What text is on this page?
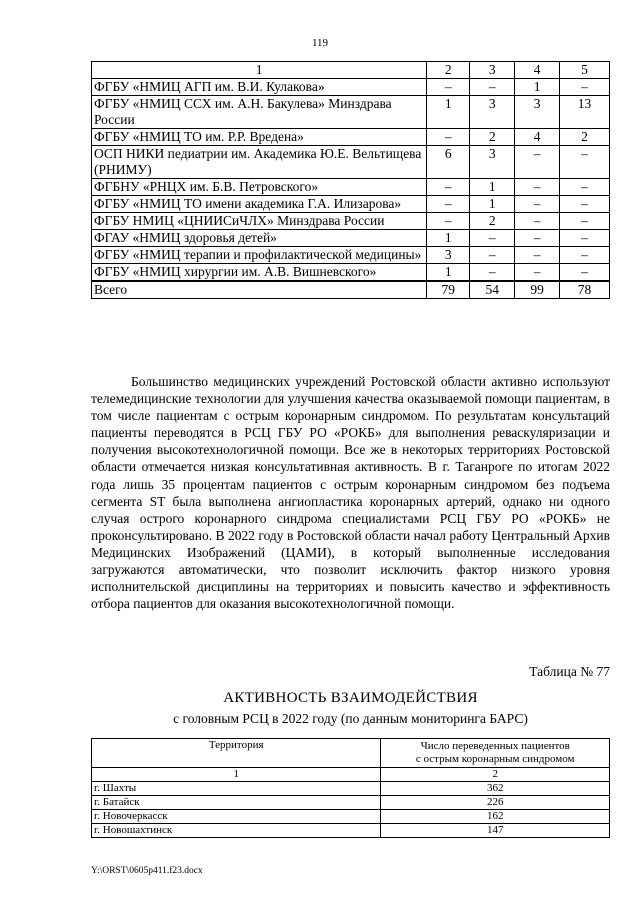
119
1	2	3	4	5
ФГБУ «НМИЦ АГП им. В.И. Кулакова»	–	–	1	–
ФГБУ «НМИЦ ССХ им. А.Н. Бакулева» Минздрава России	1	3	3	13
ФГБУ «НМИЦ ТО им. Р.Р. Вредена»	–	2	4	2
ОСП НИКИ педиатрии им. Академика Ю.Е. Вельтищева (РНИМУ)	6	3	–	–
ФГБНУ «РНЦХ им. Б.В. Петровского»	–	1	–	–
ФГБУ «НМИЦ ТО имени академика Г.А. Илизарова»	–	1	–	–
ФГБУ НМИЦ «ЦНИИСиЧЛХ» Минздрава России	–	2	–	–
ФГАУ «НМИЦ здоровья детей»	1	–	–	–
ФГБУ «НМИЦ терапии и профилактической медицины»	3	–	–	–
ФГБУ «НМИЦ хирургии им. А.В. Вишневского»	1	–	–	–
Всего	79	54	99	78

Большинство медицинских учреждений Ростовской области активно используют телемедицинские технологии для улучшения качества оказываемой помощи пациентам, в том числе пациентам с острым коронарным синдромом. По результатам консультаций пациенты переводятся в РСЦ ГБУ РО «РОКБ» для выполнения реваскуляризации и получения высокотехнологичной помощи. Все же в некоторых территориях Ростовской области отмечается низкая консультативная активность. В г. Таганроге по итогам 2022 года лишь 35 процентам пациентов с острым коронарным синдромом без подъема сегмента ST была выполнена ангиопластика коронарных артерий, однако ни одного случая острого коронарного синдрома специалистами РСЦ ГБУ РО «РОКБ» не проконсультировано. В 2022 году в Ростовской области начал работу Центральный Архив Медицинских Изображений (ЦАМИ), в который выполненные исследования загружаются автоматически, что позволит исключить фактор низкого уровня исполнительской дисциплины на территориях и повысить качество и эффективность отбора пациентов для оказания высокотехнологичной помощи.

Таблица № 77
АКТИВНОСТЬ ВЗАИМОДЕЙСТВИЯ
с головным РСЦ в 2022 году (по данным мониторинга БАРС)
Территория	Число переведенных пациентов
с острым коронарным синдромом

1	2
г. Шахты	362
г. Батайск	226
г. Новочеркасск	162
г. Новошахтинск	147
Y:\ORST\0605p411.f23.docx
